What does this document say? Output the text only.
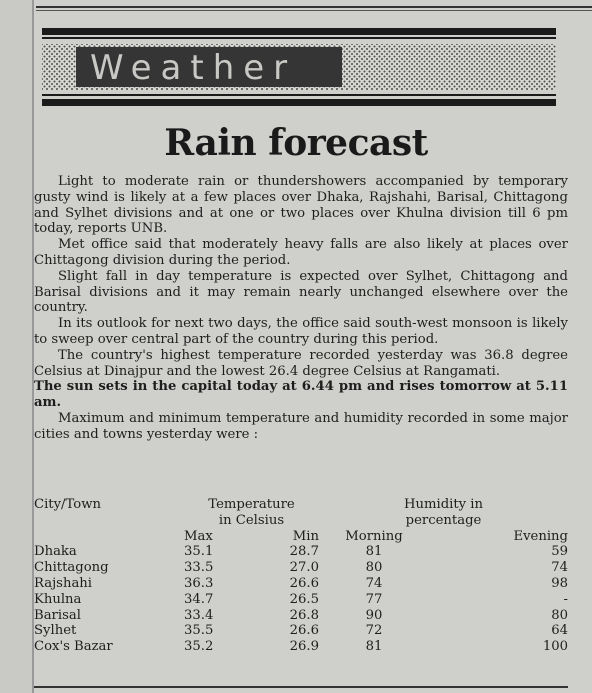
Weather
Rain forecast

Light to moderate rain or thundershowers accompanied by temporary gusty wind is likely at a few places over Dhaka, Rajshahi, Barisal, Chittagong and Sylhet divisions and at one or two places over Khulna division till 6 pm today, reports UNB.

Met office said that moderately heavy falls are also likely at places over Chittagong division during the period.

Slight fall in day temperature is expected over Sylhet, Chittagong and Barisal divisions and it may remain nearly unchanged elsewhere over the country.

In its outlook for next two days, the office said south-west monsoon is likely to sweep over central part of the country during this period.

The country's highest temperature recorded yesterday was 36.8 degree Celsius at Dinajpur and the lowest 26.4 degree Celsius at Rangamati.

The sun sets in the capital today at 6.44 pm and rises tomorrow at 5.11 am.

Maximum and minimum temperature and humidity recorded in some major cities and towns yesterday were :

City/Town	Temperature		Humidity in	
	in Celsius		percentage	
	Max	Min	Morning	Evening
Dhaka	35.1	28.7	81	59
Chittagong	33.5	27.0	80	74
Rajshahi	36.3	26.6	74	98
Khulna	34.7	26.5	77	-
Barisal	33.4	26.8	90	80
Sylhet	35.5	26.6	72	64
Cox's Bazar	35.2	26.9	81	100
